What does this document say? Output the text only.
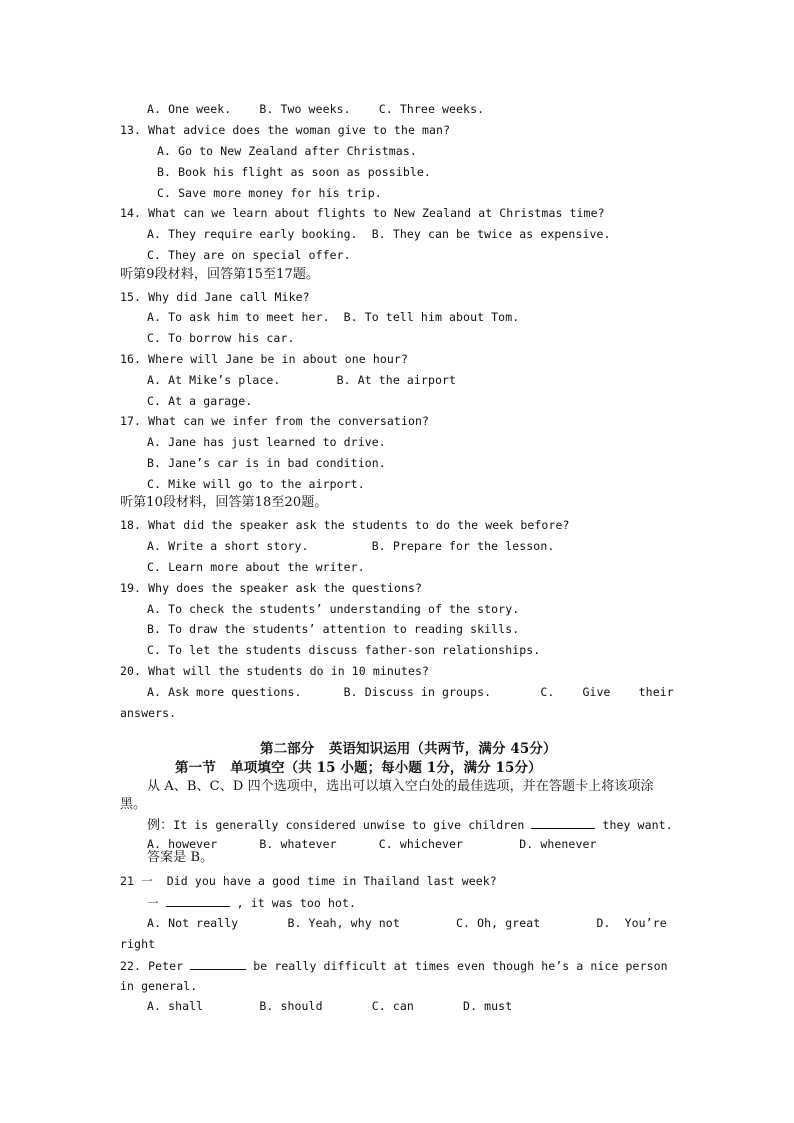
A. One week.    B. Two weeks.    C. Three weeks.
13. What advice does the woman give to the man?
A. Go to New Zealand after Christmas.
B. Book his flight as soon as possible.
C. Save more money for his trip.
14. What can we learn about flights to New Zealand at Christmas time?
A. They require early booking.  B. They can be twice as expensive.
C. They are on special offer.
听第9段材料，回答第15至17题。
15. Why did Jane call Mike?
A. To ask him to meet her.  B. To tell him about Tom.
C. To borrow his car.
16. Where will Jane be in about one hour?
A. At Mike’s place.        B. At the airport
C. At a garage.
17. What can we infer from the conversation?
A. Jane has just learned to drive.
B. Jane’s car is in bad condition.
C. Mike will go to the airport.
听第10段材料，回答第18至20题。
18. What did the speaker ask the students to do the week before?
A. Write a short story.         B. Prepare for the lesson.
C. Learn more about the writer.
19. Why does the speaker ask the questions?
A. To check the students’ understanding of the story.
B. To draw the students’ attention to reading skills.
C. To let the students discuss father-son relationships.
20. What will the students do in 10 minutes?
A. Ask more questions.      B. Discuss in groups.       C.    Give    their
answers.
第二部分   英语知识运用（共两节，满分 45分）
第一节   单项填空（共 15 小题；每小题 1分，满分 15分）
从 A、B、C、D 四个选项中，选出可以填入空白处的最佳选项，并在答题卡上将该项涂
黑。
例：It is generally considered unwise to give children	they want.
A. however      B. whatever      C. whichever        D. whenever
答案是 B。
21 一  Did you have a good time in Thailand last week?
一	, it was too hot.
A. Not really       B. Yeah, why not        C. Oh, great        D.  You’re
right
22. Peter	be really difficult at times even though he’s a nice person
in general.
A. shall        B. should       C. can       D. must
